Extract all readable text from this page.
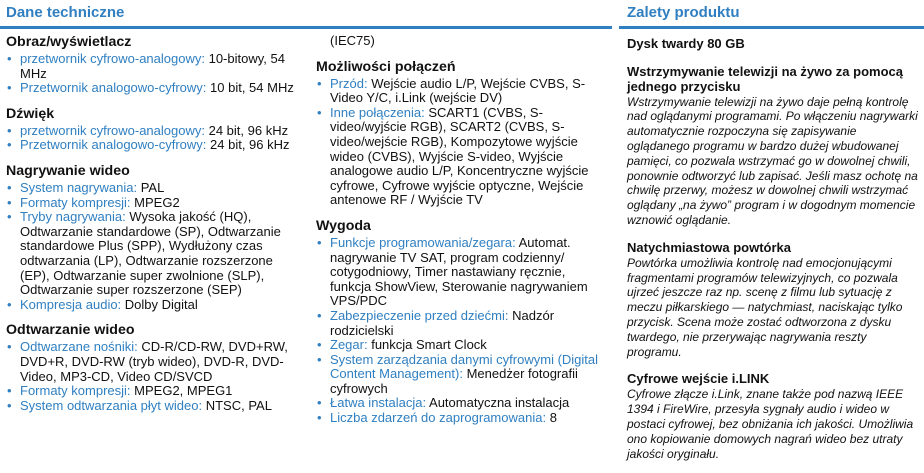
Dane techniczne	Zalety produktu
Obraz/wyświetlacz
• przetwornik cyfrowo-analogowy: 10-bitowy, 54 MHz
• Przetwornik analogowo-cyfrowy: 10 bit, 54 MHz
Dźwięk
• przetwornik cyfrowo-analogowy: 24 bit, 96 kHz
• Przetwornik analogowo-cyfrowy: 24 bit, 96 kHz
Nagrywanie wideo
• System nagrywania: PAL
• Formaty kompresji: MPEG2
• Tryby nagrywania: Wysoka jakość (HQ), Odtwarzanie standardowe (SP), Odtwarzanie standardowe Plus (SPP), Wydłużony czas odtwarzania (LP), Odtwarzanie rozszerzone (EP), Odtwarzanie super zwolnione (SLP), Odtwarzanie super rozszerzone (SEP)
• Kompresja audio: Dolby Digital
Odtwarzanie wideo
• Odtwarzane nośniki: CD-R/CD-RW, DVD+RW, DVD+R, DVD-RW (tryb wideo), DVD-R, DVD-Video, MP3-CD, Video CD/SVCD
• Formaty kompresji: MPEG2, MPEG1
• System odtwarzania płyt wideo: NTSC, PAL
(IEC75)
Możliwości połączeń
• Przód: Wejście audio L/P, Wejście CVBS, S-Video Y/C, i.Link (wejście DV)
• Inne połączenia: SCART1 (CVBS, S-video/wyjście RGB), SCART2 (CVBS, S-video/wejście RGB), Kompozytowe wyjście wideo (CVBS), Wyjście S-video, Wyjście analogowe audio L/P, Koncentryczne wyjście cyfrowe, Cyfrowe wyjście optyczne, Wejście antenowe RF / Wyjście TV
Wygoda
• Funkcje programowania/zegara: Automat. nagrywanie TV SAT, program codzienny/ cotygodniowy, Timer nastawiany ręcznie, funkcja ShowView, Sterowanie nagrywaniem VPS/PDC
• Zabezpieczenie przed dziećmi: Nadzór rodzicielski
• Zegar: funkcja Smart Clock
• System zarządzania danymi cyfrowymi (Digital Content Management): Menedżer fotografii cyfrowych
• Łatwa instalacja: Automatyczna instalacja
• Liczba zdarzeń do zaprogramowania: 8
Dysk twardy 80 GB
Wstrzymywanie telewizji na żywo za pomocą jednego przycisku
Wstrzymywanie telewizji na żywo daje pełną kontrolę nad oglądanymi programami. Po włączeniu nagrywarki automatycznie rozpoczyna się zapisywanie oglądanego programu w bardzo dużej wbudowanej pamięci, co pozwala wstrzymać go w dowolnej chwili, ponownie odtworzyć lub zapisać. Jeśli masz ochotę na chwilę przerwy, możesz w dowolnej chwili wstrzymać oglądany „na żywo” program i w dogodnym momencie wznowić oglądanie.
Natychmiastowa powtórka
Powtórka umożliwia kontrolę nad emocjonującymi fragmentami programów telewizyjnych, co pozwala ujrzeć jeszcze raz np. scenę z filmu lub sytuację z meczu piłkarskiego — natychmiast, naciskając tylko przycisk. Scena może zostać odtworzona z dysku twardego, nie przerywając nagrywania reszty programu.
Cyfrowe wejście i.LINK
Cyfrowe złącze i.Link, znane także pod nazwą IEEE 1394 i FireWire, przesyła sygnały audio i wideo w postaci cyfrowej, bez obniżania ich jakości. Umożliwia ono kopiowanie domowych nagrań wideo bez utraty jakości oryginału.
